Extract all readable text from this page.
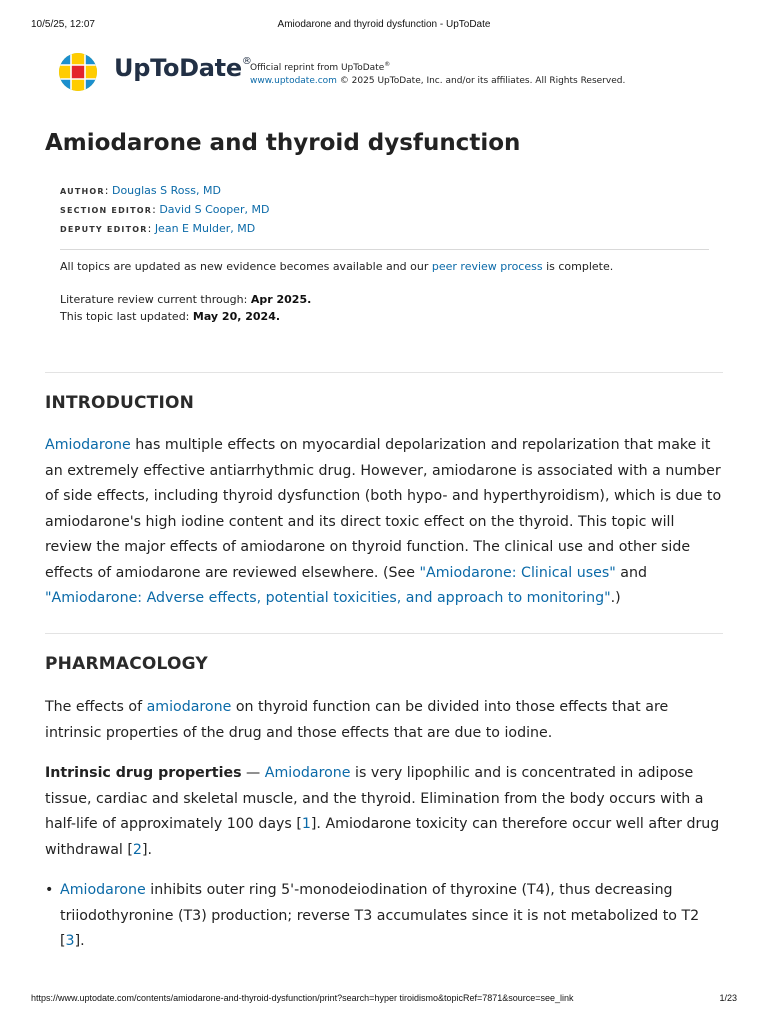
10/5/25, 12:07	Amiodarone and thyroid dysfunction - UpToDate
UpToDate®
Official reprint from UpToDate®
www.uptodate.com © 2025 UpToDate, Inc. and/or its affiliates. All Rights Reserved.
Amiodarone and thyroid dysfunction
AUTHOR: Douglas S Ross, MD
SECTION EDITOR: David S Cooper, MD
DEPUTY EDITOR: Jean E Mulder, MD
All topics are updated as new evidence becomes available and our peer review process is complete.
Literature review current through: Apr 2025.
This topic last updated: May 20, 2024.
INTRODUCTION

Amiodarone has multiple effects on myocardial depolarization and repolarization that make it an extremely effective antiarrhythmic drug. However, amiodarone is associated with a number of side effects, including thyroid dysfunction (both hypo- and hyperthyroidism), which is due to amiodarone's high iodine content and its direct toxic effect on the thyroid. This topic will review the major effects of amiodarone on thyroid function. The clinical use and other side effects of amiodarone are reviewed elsewhere. (See "Amiodarone: Clinical uses" and "Amiodarone: Adverse effects, potential toxicities, and approach to monitoring".)

PHARMACOLOGY

The effects of amiodarone on thyroid function can be divided into those effects that are intrinsic properties of the drug and those effects that are due to iodine.

Intrinsic drug properties — Amiodarone is very lipophilic and is concentrated in adipose tissue, cardiac and skeletal muscle, and the thyroid. Elimination from the body occurs with a half-life of approximately 100 days [1]. Amiodarone toxicity can therefore occur well after drug withdrawal [2].

• Amiodarone inhibits outer ring 5'-monodeiodination of thyroxine (T4), thus decreasing triiodothyronine (T3) production; reverse T3 accumulates since it is not metabolized to T2 [3].
https://www.uptodate.com/contents/amiodarone-and-thyroid-dysfunction/print?search=hyper tiroidismo&topicRef=7871&source=see_link	1/23
